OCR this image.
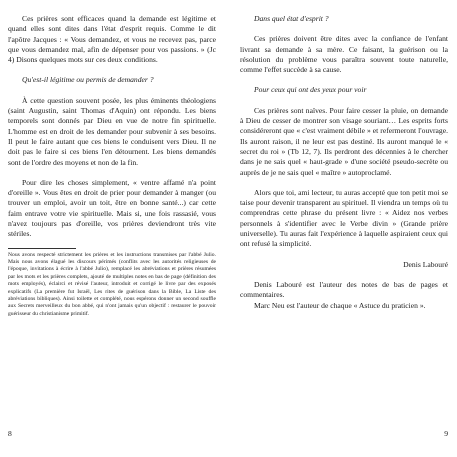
Ces prières sont efficaces quand la demande est légitime et quand elles sont dites dans l'état d'esprit requis. Comme le dit l'apôtre Jacques : « Vous demandez, et vous ne recevez pas, parce que vous demandez mal, afin de dépenser pour vos passions. » (Jc 4) Disons quelques mots sur ces deux conditions.

Qu'est-il légitime ou permis de demander ?

À cette question souvent posée, les plus éminents théologiens (saint Augustin, saint Thomas d'Aquin) ont répondu. Les biens temporels sont donnés par Dieu en vue de notre fin spirituelle. L'homme est en droit de les demander pour subvenir à ses besoins. Il peut le faire autant que ces biens le conduisent vers Dieu. Il ne doit pas le faire si ces biens l'en détournent. Les biens demandés sont de l'ordre des moyens et non de la fin.

Pour dire les choses simplement, « ventre affamé n'a point d'oreille ». Vous êtes en droit de prier pour demander à manger (ou trouver un emploi, avoir un toit, être en bonne santé...) car cette faim entrave votre vie spirituelle. Mais si, une fois rassasié, vous n'avez toujours pas d'oreille, vos prières deviendront très vite stériles.

Nous avons respecté strictement les prières et les instructions transmises par l'abbé Julio. Mais nous avons élagué les discours périmés (conflits avec les autorités religieuses de l'époque, invitations à écrire à l'abbé Julio), remplacé les abréviations et prières résumées par les mots et les prières complets, ajouté de multiples notes en bas de page (définition des mots employés), éclairci et révisé l'auteur, introduit et corrigé le livre par des exposés explicatifs (La première fut Israël, Les rites de guérison dans la Bible, La Liste des abréviations bibliques). Ainsi toilette et complété, nous espérons donner un second souffle aux Secrets merveilleux du bon abbé, qui n'ont jamais qu'un objectif : restaurer le pouvoir guérisseur du christianisme primitif.

8
Dans quel état d'esprit ?

Ces prières doivent être dites avec la confiance de l'enfant livrant sa demande à sa mère. Ce faisant, la guérison ou la résolution du problème vous paraîtra souvent toute naturelle, comme l'effet succède à sa cause.

Pour ceux qui ont des yeux pour voir

Ces prières sont naïves. Pour faire cesser la pluie, on demande à Dieu de cesser de montrer son visage souriant… Les esprits forts considéreront que « c'est vraiment débile » et refermeront l'ouvrage. Ils auront raison, il ne leur est pas destiné. Ils auront manqué le « secret du roi » (Tb 12, 7). Ils perdront des décennies à le chercher dans je ne sais quel « haut-grade » d'une société pseudo-secrète ou auprès de je ne sais quel « maître » autoproclamé.

Alors que toi, ami lecteur, tu auras accepté que ton petit moi se taise pour devenir transparent au spirituel. Il viendra un temps où tu comprendras cette phrase du présent livre : « Aidez nos verbes personnels à s'identifier avec le Verbe divin » (Grande prière universelle). Tu auras fait l'expérience à laquelle aspiraient ceux qui ont refusé la simplicité.

Denis Labouré

Denis Labouré est l'auteur des notes de bas de pages et commentaires.

Marc Neu est l'auteur de chaque « Astuce du praticien ».

9
